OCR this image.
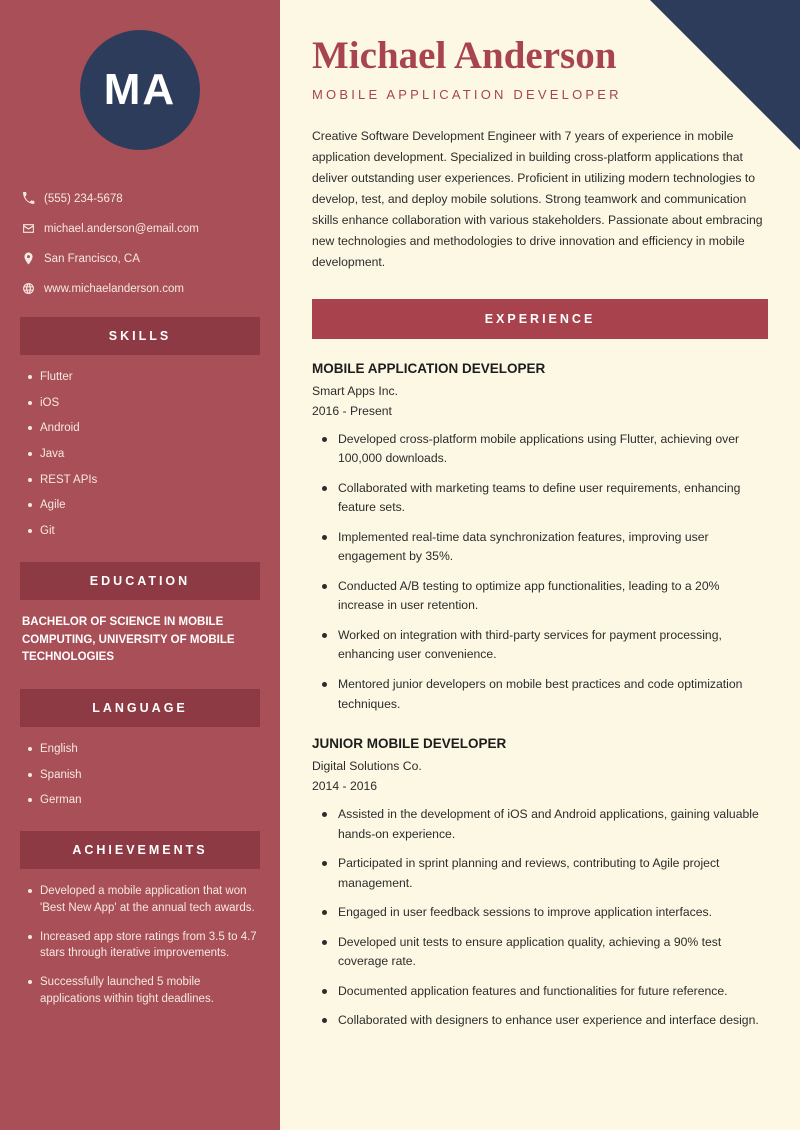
MA
(555) 234-5678
michael.anderson@email.com
San Francisco, CA
www.michaelanderson.com
SKILLS
Flutter
iOS
Android
Java
REST APIs
Agile
Git
EDUCATION
BACHELOR OF SCIENCE IN MOBILE COMPUTING, UNIVERSITY OF MOBILE TECHNOLOGIES
LANGUAGE
English
Spanish
German
ACHIEVEMENTS
Developed a mobile application that won 'Best New App' at the annual tech awards.
Increased app store ratings from 3.5 to 4.7 stars through iterative improvements.
Successfully launched 5 mobile applications within tight deadlines.
Michael Anderson
MOBILE APPLICATION DEVELOPER

Creative Software Development Engineer with 7 years of experience in mobile application development. Specialized in building cross-platform applications that deliver outstanding user experiences. Proficient in utilizing modern technologies to develop, test, and deploy mobile solutions. Strong teamwork and communication skills enhance collaboration with various stakeholders. Passionate about embracing new technologies and methodologies to drive innovation and efficiency in mobile development.

EXPERIENCE
MOBILE APPLICATION DEVELOPER
Smart Apps Inc.
2016 - Present
Developed cross-platform mobile applications using Flutter, achieving over 100,000 downloads.
Collaborated with marketing teams to define user requirements, enhancing feature sets.
Implemented real-time data synchronization features, improving user engagement by 35%.
Conducted A/B testing to optimize app functionalities, leading to a 20% increase in user retention.
Worked on integration with third-party services for payment processing, enhancing user convenience.
Mentored junior developers on mobile best practices and code optimization techniques.
JUNIOR MOBILE DEVELOPER
Digital Solutions Co.
2014 - 2016
Assisted in the development of iOS and Android applications, gaining valuable hands-on experience.
Participated in sprint planning and reviews, contributing to Agile project management.
Engaged in user feedback sessions to improve application interfaces.
Developed unit tests to ensure application quality, achieving a 90% test coverage rate.
Documented application features and functionalities for future reference.
Collaborated with designers to enhance user experience and interface design.
